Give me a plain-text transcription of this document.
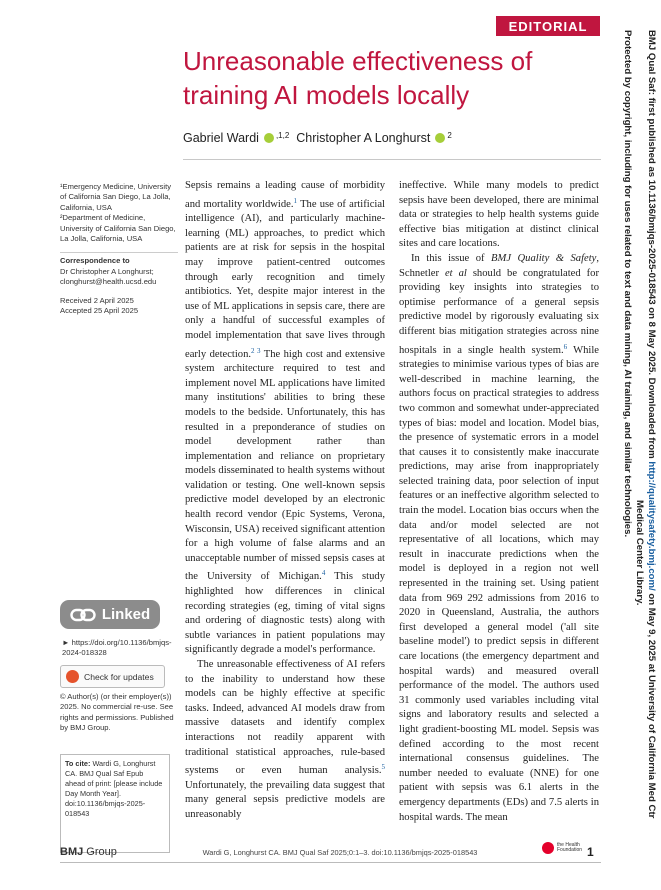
EDITORIAL
Unreasonable effectiveness of training AI models locally
Gabriel Wardi $^{,1,2}$ Christopher A Longhurst $^2$

¹Emergency Medicine, University of California San Diego, La Jolla, California, USA

²Department of Medicine, University of California San Diego, La Jolla, California, USA

Correspondence to

Dr Christopher A Longhurst;

clonghurst@health.ucsd.edu

Received 2 April 2025

Accepted 25 April 2025

Linked
► https://doi.org/10.1136/bmjqs-2024-018328
Check for updates
© Author(s) (or their employer(s)) 2025. No commercial re-use. See rights and permissions. Published by BMJ Group.
To cite: Wardi G, Longhurst CA. BMJ Qual Saf Epub ahead of print: [please include Day Month Year]. doi:10.1136/bmjqs-2025-018543

Sepsis remains a leading cause of morbidity and mortality worldwide.$^1$ The use of artificial intelligence (AI), and particularly machine-learning (ML) approaches, to predict which patients are at risk for sepsis in the hospital may improve patient-centred outcomes through early recognition and timely antibiotics. Yet, despite major interest in the use of ML applications in sepsis care, there are only a handful of successful examples of model implementation that save lives through early detection.$^{2 3}$ The high cost and extensive system architecture required to test and implement novel ML applications have limited many institutions' abilities to bring these models to the bedside. Unfortunately, this has resulted in a preponderance of studies on model development rather than implementation and reliance on proprietary models disseminated to health systems without validation or testing. One well-known sepsis predictive model developed by an electronic health record vendor (Epic Systems, Verona, Wisconsin, USA) received significant attention for a high volume of false alarms and an unacceptable number of missed sepsis cases at the University of Michigan.$^4$ This study highlighted how differences in clinical recording strategies (eg, timing of vital signs and ordering of diagnostic tests) along with subtle variances in patient populations may significantly degrade a model's performance.

The unreasonable effectiveness of AI refers to the inability to understand how these models can be highly effective at specific tasks. Indeed, advanced AI models draw from massive datasets and identify complex interactions not readily apparent with traditional statistical approaches, rule-based systems or even human analysis.$^5$ Unfortunately, the prevailing data suggest that many general sepsis predictive models are unreasonably

ineffective. While many models to predict sepsis have been developed, there are minimal data or strategies to help health systems guide effective bias mitigation at distinct clinical sites and care locations.

In this issue of BMJ Quality & Safety, Schnetler et al should be congratulated for providing key insights into strategies to optimise performance of a general sepsis predictive model by rigorously evaluating six different bias mitigation strategies across nine hospitals in a single health system.$^6$ While strategies to minimise various types of bias are well-described in machine learning, the authors focus on practical strategies to address two common and somewhat under-appreciated types of bias: model and location. Model bias, the presence of systematic errors in a model that causes it to consistently make inaccurate predictions, may arise from inappropriately selected training data, poor selection of input features or an ineffective algorithm selected to train the model. Location bias occurs when the data and/or model selected are not representative of all locations, which may result in inaccurate predictions when the model is deployed in a region not well represented in the training set. Using patient data from 969 292 admissions from 2016 to 2020 in Queensland, Australia, the authors first developed a general model ('all site baseline model') to predict sepsis in different care locations (the emergency department and hospital wards) and measured overall performance of the model. The authors used 31 commonly used variables including vital signs and laboratory results and selected a light gradient-boosting ML model. Sepsis was defined according to the most recent international consensus guidelines. The number needed to evaluate (NNE) for one patient with sepsis was 6.1 alerts in the emergency departments (EDs) and 7.5 alerts in hospital wards. The mean

BMJ Group	Wardi G, Longhurst CA. BMJ Qual Saf 2025;0:1–3. doi:10.1136/bmjqs-2025-018543
the Health Foundation 1
BMJ Qual Saf: first published as 10.1136/bmjqs-2025-018543 on 8 May 2025. Downloaded from http://qualitysafety.bmj.com/ on May 9, 2025 at University of California Med Ctr
Medical Center Library.
Protected by copyright, including for uses related to text and data mining, AI training, and similar technologies.
